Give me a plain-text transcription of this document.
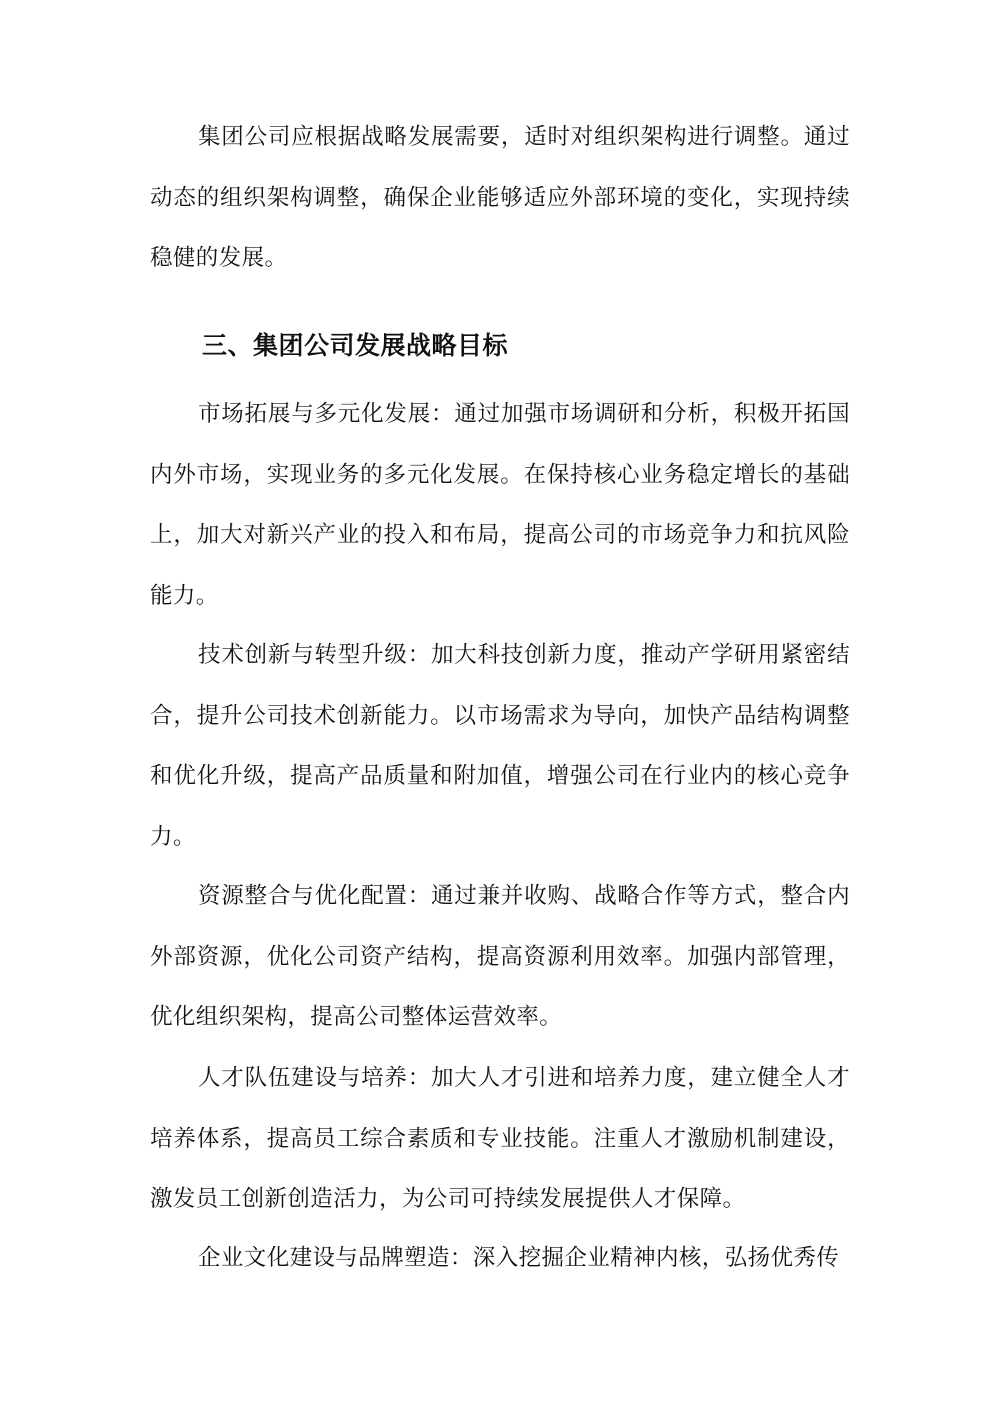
集团公司应根据战略发展需要，适时对组织架构进行调整。通过动态的组织架构调整，确保企业能够适应外部环境的变化，实现持续稳健的发展。

三、集团公司发展战略目标

市场拓展与多元化发展：通过加强市场调研和分析，积极开拓国内外市场，实现业务的多元化发展。在保持核心业务稳定增长的基础上，加大对新兴产业的投入和布局，提高公司的市场竞争力和抗风险能力。

技术创新与转型升级：加大科技创新力度，推动产学研用紧密结合，提升公司技术创新能力。以市场需求为导向，加快产品结构调整和优化升级，提高产品质量和附加值，增强公司在行业内的核心竞争力。

资源整合与优化配置：通过兼并收购、战略合作等方式，整合内外部资源，优化公司资产结构，提高资源利用效率。加强内部管理，优化组织架构，提高公司整体运营效率。

人才队伍建设与培养：加大人才引进和培养力度，建立健全人才培养体系，提高员工综合素质和专业技能。注重人才激励机制建设，激发员工创新创造活力，为公司可持续发展提供人才保障。

企业文化建设与品牌塑造：深入挖掘企业精神内核，弘扬优秀传
